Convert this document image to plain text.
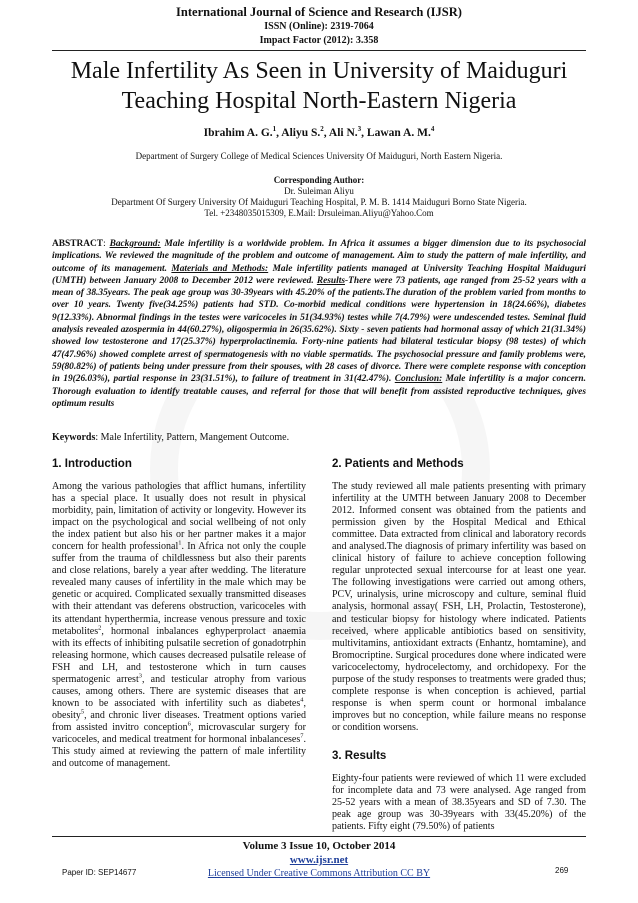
International Journal of Science and Research (IJSR)
ISSN (Online): 2319-7064
Impact Factor (2012): 3.358
Male Infertility As Seen in University of Maiduguri
Teaching Hospital North-Eastern Nigeria
Ibrahim A. G.$^1$, Aliyu S.$^2$, Ali N.$^3$, Lawan A. M.$^4$
Department of Surgery College of Medical Sciences University Of Maiduguri, North Eastern Nigeria.
Corresponding Author:
Dr. Suleiman Aliyu
Department Of Surgery University Of Maiduguri Teaching Hospital, P. M. B. 1414 Maiduguri Borno State Nigeria.
Tel. +2348035015309, E.Mail: Drsuleiman.Aliyu@Yahoo.Com
ABSTRACT: Background: Male infertility is a worldwide problem. In Africa it assumes a bigger dimension due to its psychosocial implications. We reviewed the magnitude of the problem and outcome of management. Aim to study the pattern of male infertility, and outcome of its management. Materials and Methods: Male infertility patients managed at University Teaching Hospital Maiduguri (UMTH) between January 2008 to December 2012 were reviewed. Results-There were 73 patients, age ranged from 25-52 years with a mean of 38.35years. The peak age group was 30-39years with 45.20% of the patients.The duration of the problem varied from months to over 10 years. Twenty five(34.25%) patients had STD. Co-morbid medical conditions were hypertension in 18(24.66%), diabetes 9(12.33%). Abnormal findings in the testes were varicoceles in 51(34.93%) testes while 7(4.79%) were undescended testes. Seminal fluid analysis revealed azospermia in 44(60.27%), oligospermia in 26(35.62%). Sixty - seven patients had hormonal assay of which 21(31.34%) showed low testosterone and 17(25.37%) hyperprolactinemia. Forty-nine patients had bilateral testicular biopsy (98 testes) of which 47(47.96%) showed complete arrest of spermatogenesis with no viable spermatids. The psychosocial pressure and family problems were, 59(80.82%) of patients being under pressure from their spouses, with 28 cases of divorce. There were complete response with conception in 19(26.03%), partial response in 23(31.51%), to failure of treatment in 31(42.47%). Conclusion: Male infertility is a major concern. Thorough evaluation to identify treatable causes, and referral for those that will benefit from assisted reproductive techniques, gives optimum results
Keywords: Male Infertility, Pattern, Mangement Outcome.
1. Introduction

Among the various pathologies that afflict humans, infertility has a special place. It usually does not result in physical morbidity, pain, limitation of activity or longevity. However its impact on the psychological and social wellbeing of not only the index patient but also his or her partner makes it a major concern for health professional$^1$. In Africa not only the couple suffer from the trauma of childlessness but also their parents and close relations, barely a year after wedding. The literature revealed many causes of infertility in the male which may be genetic or acquired. Complicated sexually transmitted diseases with their attendant vas deferens obstruction, varicoceles with its attendant hyperthermia, increase venous pressure and toxic metabolites$^2$, hormonal inbalances eghyperprolact anaemia with its effects of inhibiting pulsatile secretion of gonadotrphin releasing hormone, which causes decreased pulsatile release of FSH and LH, and testosterone which in turn causes spermatogenic arrest$^3$, and testicular atrophy from various causes, among others. There are systemic diseases that are known to be associated with infertility such as diabetes$^4$, obesity$^5$, and chronic liver diseases. Treatment options varied from assisted invitro conception$^6$, microvascular surgery for varicoceles, and medical treatment for hormonal inbalanceses$^7$. This study aimed at reviewing the pattern of male infertility and outcome of management.

2. Patients and Methods

The study reviewed all male patients presenting with primary infertility at the UMTH between January 2008 to December 2012. Informed consent was obtained from the patients and permission given by the Hospital Medical and Ethical committee. Data extracted from clinical and laboratory records and analysed.The diagnosis of primary infertility was based on clinical history of failure to achieve conception following regular unprotected sexual intercourse for at least one year. The following investigations were carried out among others, PCV, urinalysis, urine microscopy and culture, seminal fluid analysis, hormonal assay( FSH, LH, Prolactin, Testosterone), and testicular biopsy for histology where indicated. Patients received, where applicable antibiotics based on sensitivity, multivitamins, antioxidant extracts (Enhantz, homtamine), and Bromocriptine. Surgical procedures done where indicated were varicocelectomy, hydrocelectomy, and orchidopexy. For the purpose of the study responses to treatments were graded thus; complete response is when conception is achieved, partial response is when sperm count or hormonal imbalance improves but no conception, while failure means no response or condition worsens.

3. Results

Eighty-four patients were reviewed of which 11 were excluded for incomplete data and 73 were analysed. Age ranged from 25-52 years with a mean of 38.35years and SD of 7.30. The peak age group was 30-39years with 33(45.20%) of the patients. Fifty eight (79.50%) of patients

Volume 3 Issue 10, October 2014
www.ijsr.net
Licensed Under Creative Commons Attribution CC BY
Paper ID: SEP14677	269
